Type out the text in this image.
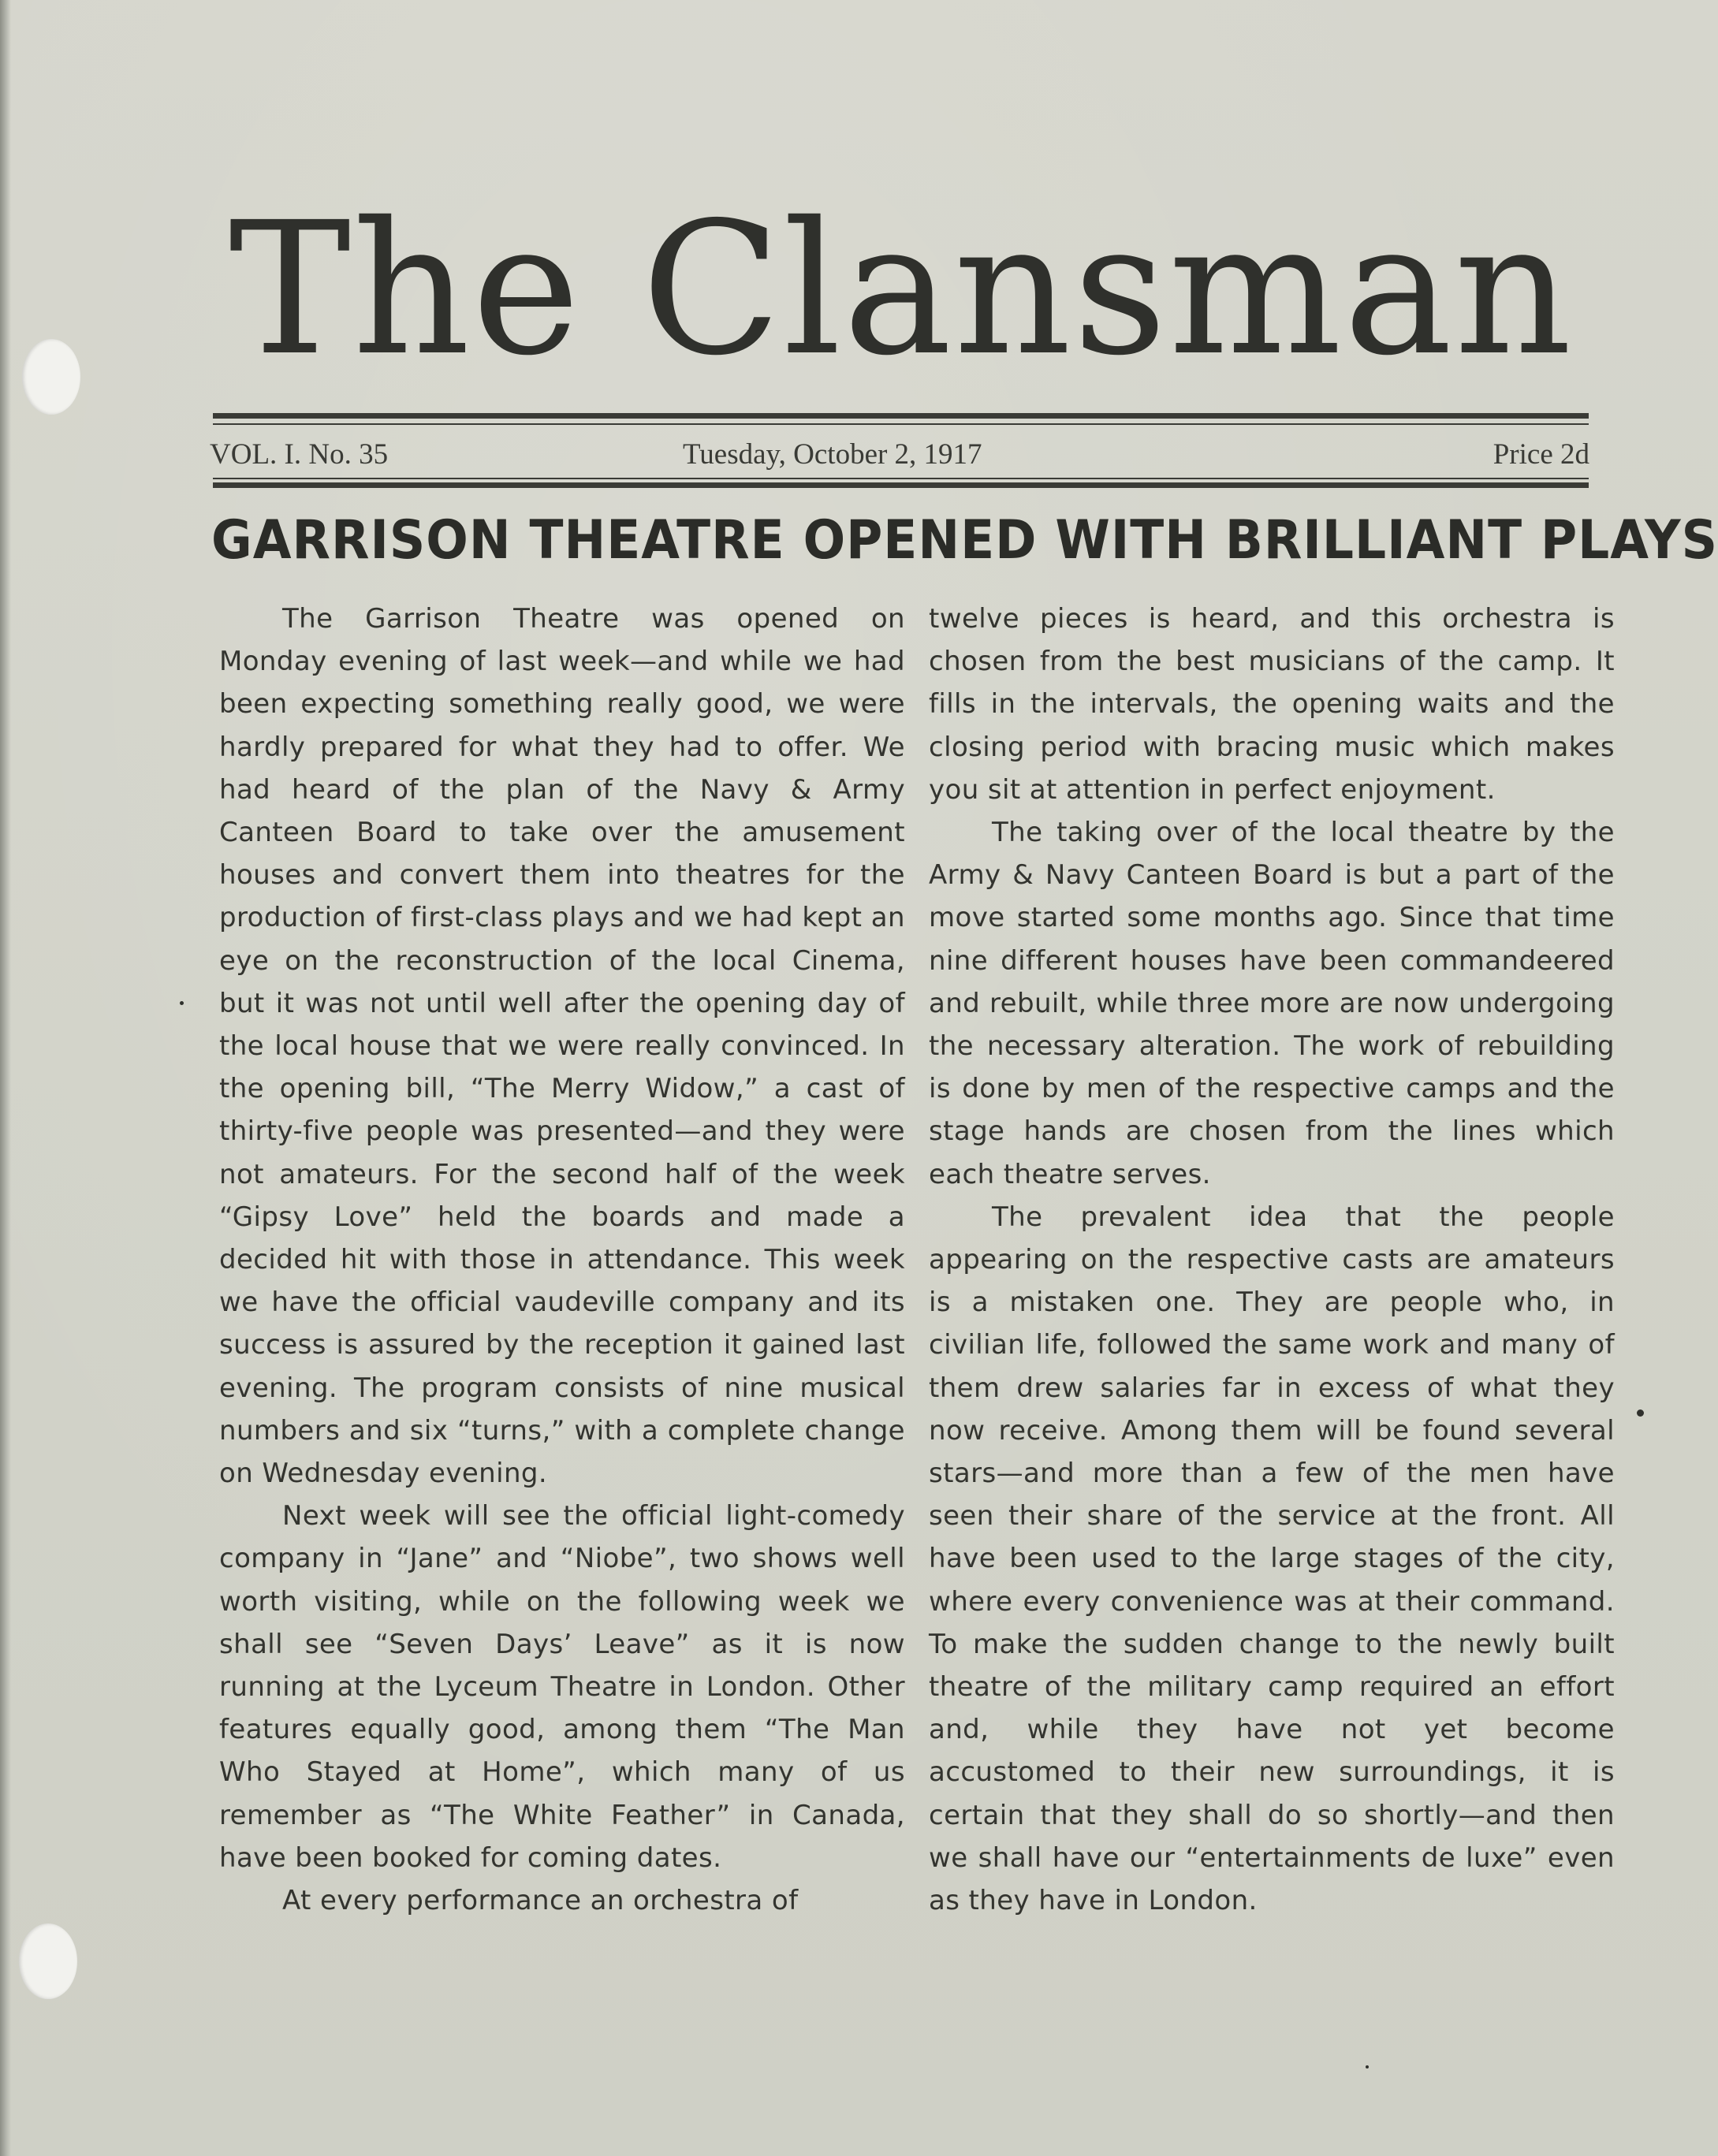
The Clansman
VOL. I. No. 35	Tuesday, October 2, 1917	Price 2d
GARRISON THEATRE OPENED WITH BRILLIANT PLAYS

The Garrison Theatre was opened on Monday evening of last week—and while we had been expecting something really good, we were hardly prepared for what they had to offer. We had heard of the plan of the Navy & Army Canteen Board to take over the amusement houses and convert them into theatres for the production of first-class plays and we had kept an eye on the reconstruction of the local Cinema, but it was not until well after the opening day of the local house that we were really convinced. In the opening bill, “The Merry Widow,” a cast of thirty-five people was presented—and they were not amateurs. For the second half of the week “Gipsy Love” held the boards and made a decided hit with those in attendance. This week we have the official vaudeville company and its success is assured by the reception it gained last evening. The program consists of nine musical numbers and six “turns,” with a complete change on Wednesday evening.

Next week will see the official light-comedy company in “Jane” and “Niobe”, two shows well worth visiting, while on the following week we shall see “Seven Days’ Leave” as it is now running at the Lyceum Theatre in London. Other features equally good, among them “The Man Who Stayed at Home”, which many of us remember as “The White Feather” in Canada, have been booked for coming dates.

At every performance an orchestra of

twelve pieces is heard, and this orchestra is chosen from the best musicians of the camp. It fills in the intervals, the opening waits and the closing period with bracing music which makes you sit at attention in perfect enjoyment.

The taking over of the local theatre by the Army & Navy Canteen Board is but a part of the move started some months ago. Since that time nine different houses have been commandeered and rebuilt, while three more are now undergoing the necessary alteration. The work of rebuilding is done by men of the respective camps and the stage hands are chosen from the lines which each theatre serves.

The prevalent idea that the people appearing on the respective casts are amateurs is a mistaken one. They are people who, in civilian life, followed the same work and many of them drew salaries far in excess of what they now receive. Among them will be found several stars—and more than a few of the men have seen their share of the service at the front. All have been used to the large stages of the city, where every convenience was at their command. To make the sudden change to the newly built theatre of the military camp required an effort and, while they have not yet become accustomed to their new surroundings, it is certain that they shall do so shortly—and then we shall have our “entertainments de luxe” even as they have in London.
